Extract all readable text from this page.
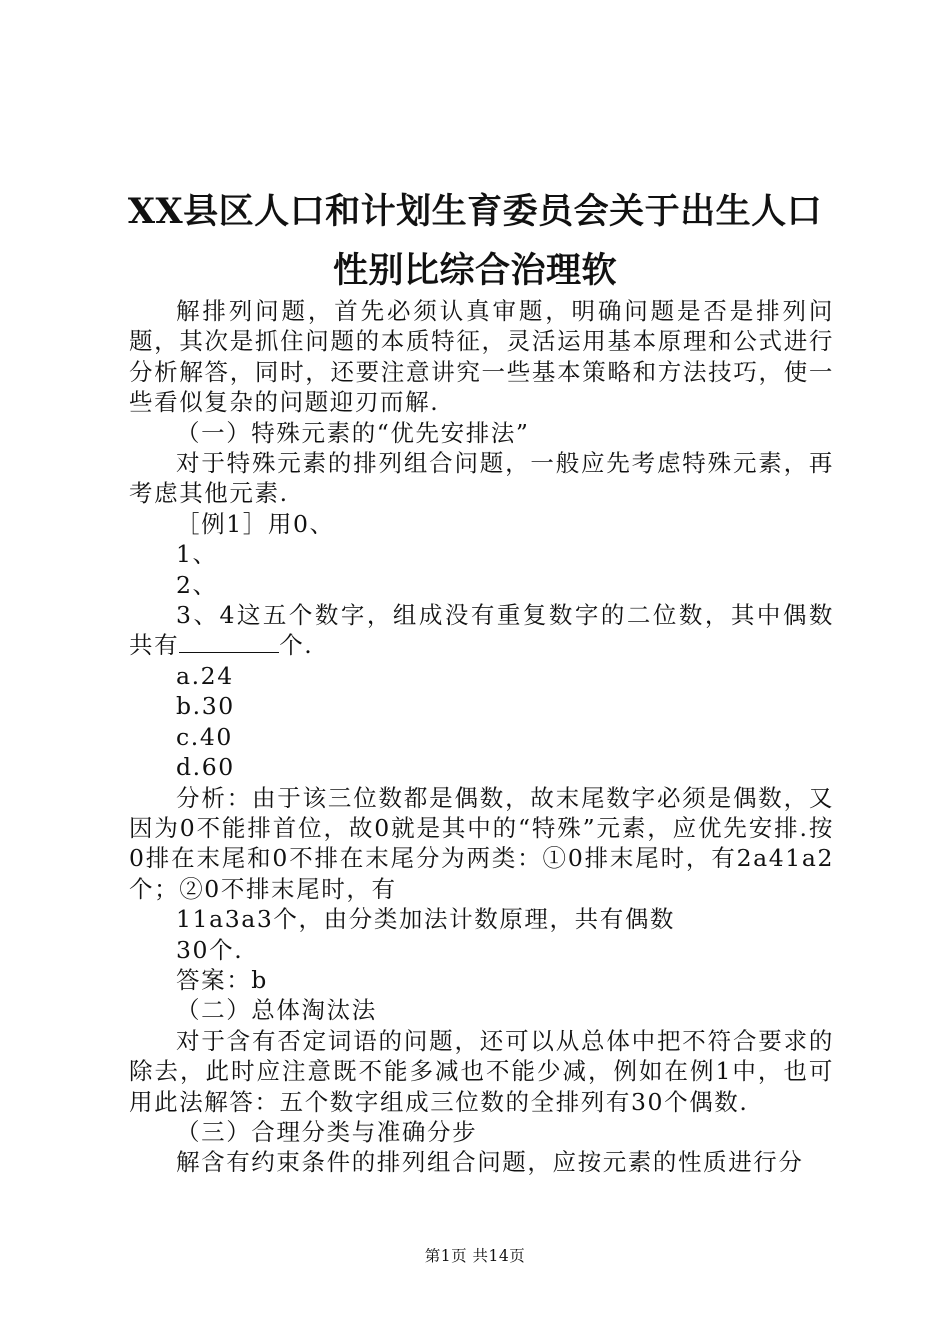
XX县区人口和计划生育委员会关于出生人口
性别比综合治理软

解排列问题，首先必须认真审题，明确问题是否是排列问题，其次是抓住问题的本质特征，灵活运用基本原理和公式进行分析解答，同时，还要注意讲究一些基本策略和方法技巧，使一些看似复杂的问题迎刃而解.

（一）特殊元素的“优先安排法”

对于特殊元素的排列组合问题，一般应先考虑特殊元素，再考虑其他元素.

［例1］用0、

1、

2、

3、4这五个数字，组成没有重复数字的二位数，其中偶数共有	个.

a.24

b.30

c.40

d.60

分析：由于该三位数都是偶数，故末尾数字必须是偶数，又因为0不能排首位，故0就是其中的“特殊”元素，应优先安排.按0排在末尾和0不排在末尾分为两类：①0排末尾时，有2a41a2个；②0不排末尾时，有

11a3a3个，由分类加法计数原理，共有偶数

30个.

答案：b

（二）总体淘汰法

对于含有否定词语的问题，还可以从总体中把不符合要求的除去，此时应注意既不能多减也不能少减，例如在例1中，也可用此法解答：五个数字组成三位数的全排列有30个偶数.

（三）合理分类与准确分步

解含有约束条件的排列组合问题，应按元素的性质进行分

第1页 共14页
